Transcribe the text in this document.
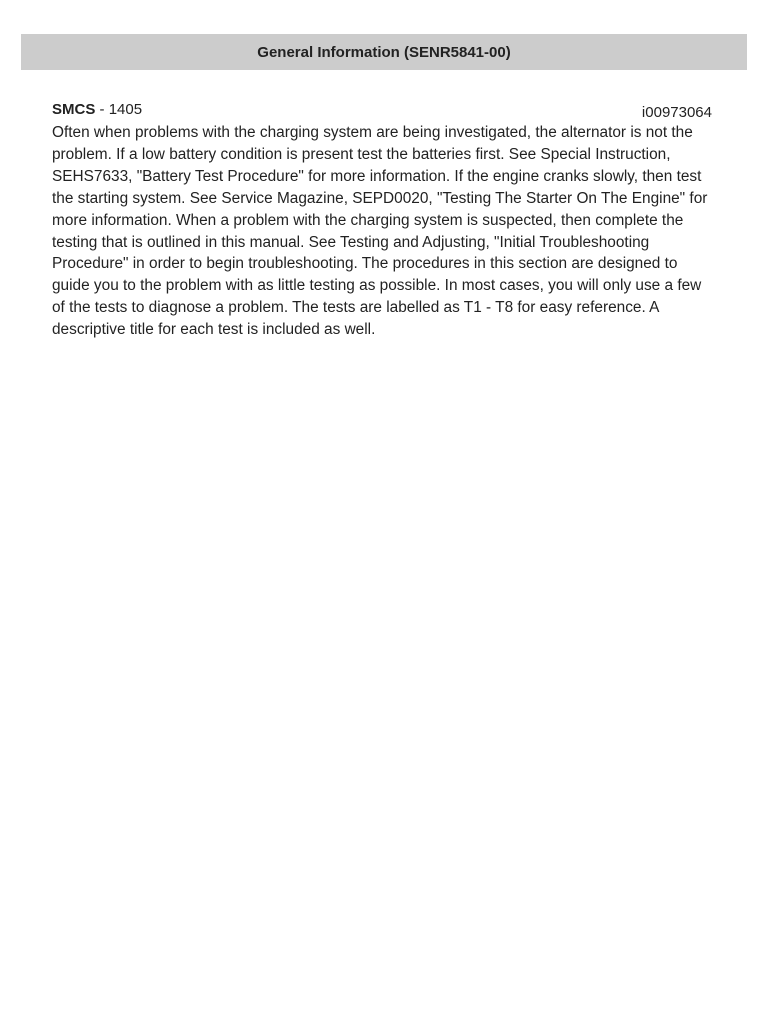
General Information (SENR5841-00)
SMCS - 1405	i00973064

Often when problems with the charging system are being investigated, the alternator is not the problem. If a low battery condition is present test the batteries first. See Special Instruction, SEHS7633, "Battery Test Procedure" for more information. If the engine cranks slowly, then test the starting system. See Service Magazine, SEPD0020, "Testing The Starter On The Engine" for more information. When a problem with the charging system is suspected, then complete the testing that is outlined in this manual. See Testing and Adjusting, "Initial Troubleshooting Procedure" in order to begin troubleshooting. The procedures in this section are designed to guide you to the problem with as little testing as possible. In most cases, you will only use a few of the tests to diagnose a problem. The tests are labelled as T1 - T8 for easy reference. A descriptive title for each test is included as well.
